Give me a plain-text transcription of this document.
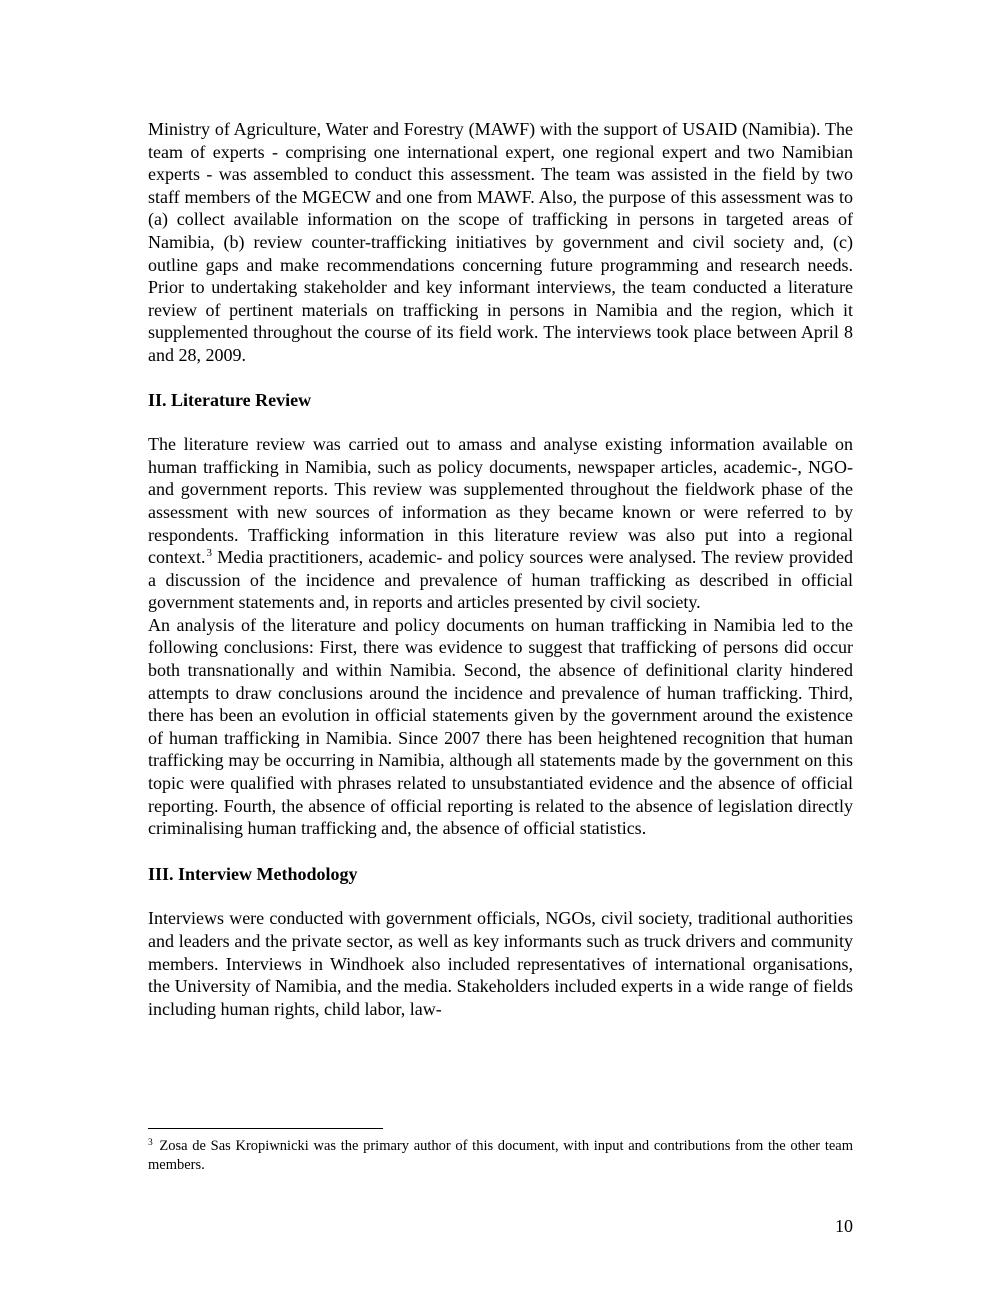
Ministry of Agriculture, Water and Forestry (MAWF) with the support of USAID (Namibia). The team of experts - comprising one international expert, one regional expert and two Namibian experts - was assembled to conduct this assessment. The team was assisted in the field by two staff members of the MGECW and one from MAWF. Also, the purpose of this assessment was to (a) collect available information on the scope of trafficking in persons in targeted areas of Namibia, (b) review counter-trafficking initiatives by government and civil society and, (c) outline gaps and make recommendations concerning future programming and research needs. Prior to undertaking stakeholder and key informant interviews, the team conducted a literature review of pertinent materials on trafficking in persons in Namibia and the region, which it supplemented throughout the course of its field work. The interviews took place between April 8 and 28, 2009.

II. Literature Review

The literature review was carried out to amass and analyse existing information available on human trafficking in Namibia, such as policy documents, newspaper articles, academic-, NGO- and government reports. This review was supplemented throughout the fieldwork phase of the assessment with new sources of information as they became known or were referred to by respondents. Trafficking information in this literature review was also put into a regional context.$^3$ Media practitioners, academic- and policy sources were analysed. The review provided a discussion of the incidence and prevalence of human trafficking as described in official government statements and, in reports and articles presented by civil society.

An analysis of the literature and policy documents on human trafficking in Namibia led to the following conclusions: First, there was evidence to suggest that trafficking of persons did occur both transnationally and within Namibia. Second, the absence of definitional clarity hindered attempts to draw conclusions around the incidence and prevalence of human trafficking. Third, there has been an evolution in official statements given by the government around the existence of human trafficking in Namibia. Since 2007 there has been heightened recognition that human trafficking may be occurring in Namibia, although all statements made by the government on this topic were qualified with phrases related to unsubstantiated evidence and the absence of official reporting. Fourth, the absence of official reporting is related to the absence of legislation directly criminalising human trafficking and, the absence of official statistics.

III. Interview Methodology

Interviews were conducted with government officials, NGOs, civil society, traditional authorities and leaders and the private sector, as well as key informants such as truck drivers and community members. Interviews in Windhoek also included representatives of international organisations, the University of Namibia, and the media. Stakeholders included experts in a wide range of fields including human rights, child labor, law-

$^3$ Zosa de Sas Kropiwnicki was the primary author of this document, with input and contributions from the other team members.
10
